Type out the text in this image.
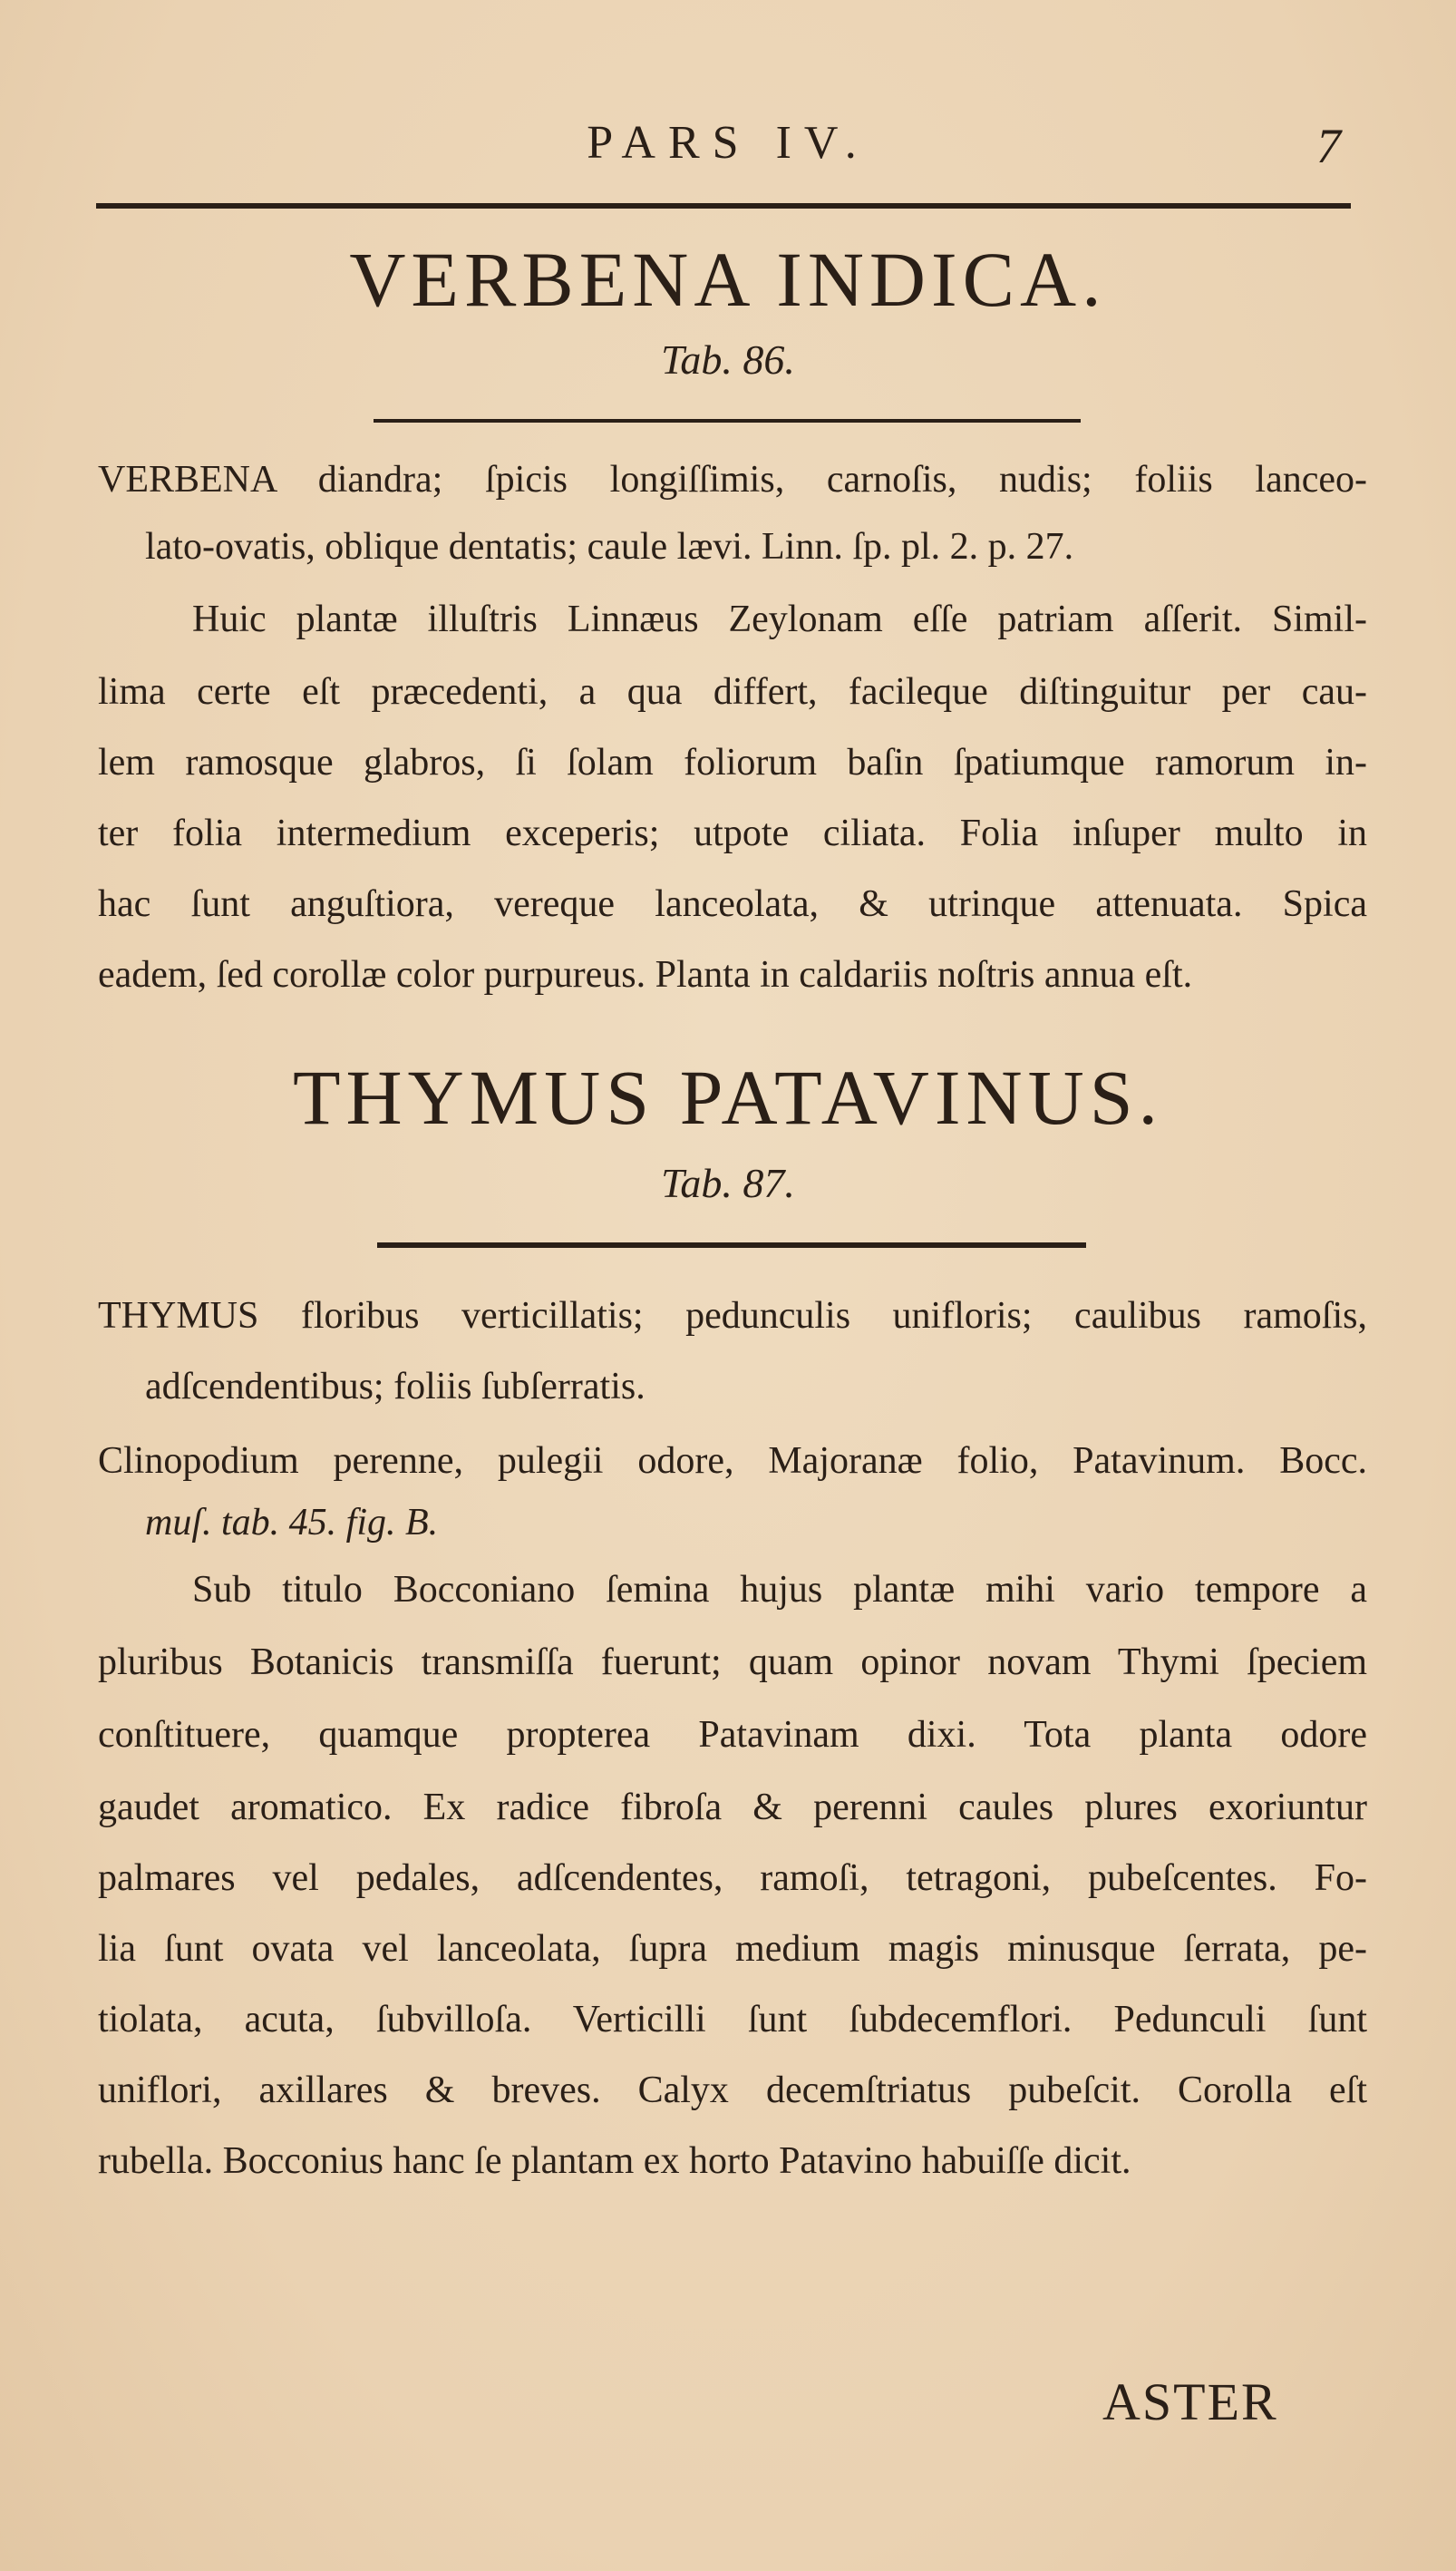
PARS IV.	7
VERBENA INDICA.
Tab. 86.
VERBENA diandra; ſpicis longiſſimis, carnoſis, nudis; foliis lanceo-
lato-ovatis, oblique dentatis; caule lævi. Linn. ſp. pl. 2. p. 27.
Huic plantæ illuſtris Linnæus Zeylonam eſſe patriam aſſerit. Simil-
lima certe eſt præcedenti, a qua differt, facileque diſtinguitur per cau-
lem ramosque glabros, ſi ſolam foliorum baſin ſpatiumque ramorum in-
ter folia intermedium exceperis; utpote ciliata. Folia inſuper multo in
hac ſunt anguſtiora, vereque lanceolata, & utrinque attenuata. Spica
eadem, ſed corollæ color purpureus. Planta in caldariis noſtris annua eſt.
THYMUS PATAVINUS.
Tab. 87.
THYMUS floribus verticillatis; pedunculis unifloris; caulibus ramoſis,
adſcendentibus; foliis ſubſerratis.
Clinopodium perenne, pulegii odore, Majoranæ folio, Patavinum. Bocc.
muſ. tab. 45. fig. B.
Sub titulo Bocconiano ſemina hujus plantæ mihi vario tempore a
pluribus Botanicis transmiſſa fuerunt; quam opinor novam Thymi ſpeciem
conſtituere, quamque propterea Patavinam dixi. Tota planta odore
gaudet aromatico. Ex radice fibroſa & perenni caules plures exoriuntur
palmares vel pedales, adſcendentes, ramoſi, tetragoni, pubeſcentes. Fo-
lia ſunt ovata vel lanceolata, ſupra medium magis minusque ſerrata, pe-
tiolata, acuta, ſubvilloſa. Verticilli ſunt ſubdecemflori. Pedunculi ſunt
uniflori, axillares & breves. Calyx decemſtriatus pubeſcit. Corolla eſt
rubella. Bocconius hanc ſe plantam ex horto Patavino habuiſſe dicit.
ASTER
